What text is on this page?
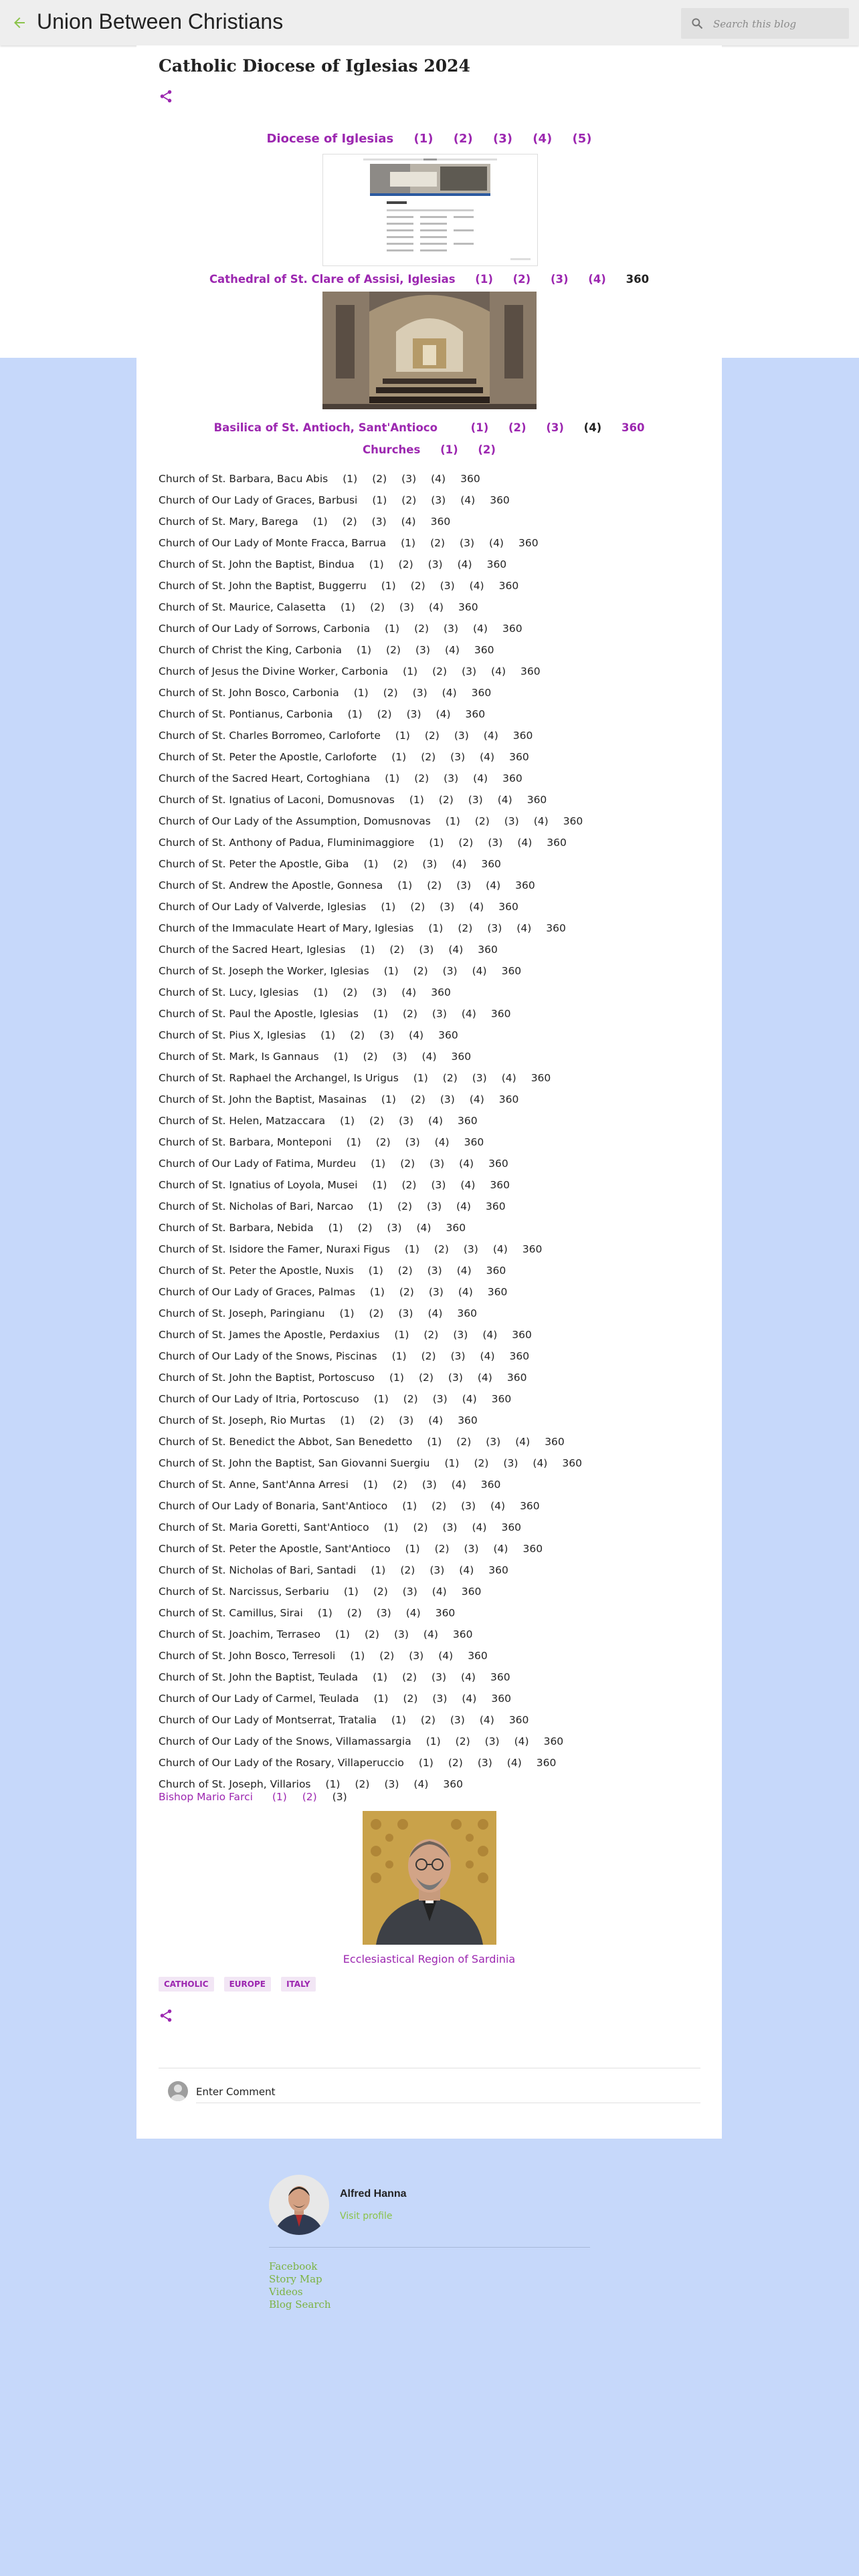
Union Between Christians
Search this blog
Catholic Diocese of Iglesias 2024
Diocese of Iglesias (1) (2) (3) (4) (5)
Cathedral of St. Clare of Assisi, Iglesias (1) (2) (3) (4) 360
Basilica of St. Antioch, Sant'Antioco	(1) (2) (3) (4) 360
Churches (1) (2)
Church of St. Barbara, Bacu Abis (1) (2) (3) (4) 360
Church of Our Lady of Graces, Barbusi (1) (2) (3) (4) 360
Church of St. Mary, Barega (1) (2) (3) (4) 360
Church of Our Lady of Monte Fracca, Barrua (1) (2) (3) (4) 360
Church of St. John the Baptist, Bindua (1) (2) (3) (4) 360
Church of St. John the Baptist, Buggerru (1) (2) (3) (4) 360
Church of St. Maurice, Calasetta (1) (2) (3) (4) 360
Church of Our Lady of Sorrows, Carbonia (1) (2) (3) (4) 360
Church of Christ the King, Carbonia (1) (2) (3) (4) 360
Church of Jesus the Divine Worker, Carbonia (1) (2) (3) (4) 360
Church of St. John Bosco, Carbonia (1) (2) (3) (4) 360
Church of St. Pontianus, Carbonia (1) (2) (3) (4) 360
Church of St. Charles Borromeo, Carloforte (1) (2) (3) (4) 360
Church of St. Peter the Apostle, Carloforte (1) (2) (3) (4) 360
Church of the Sacred Heart, Cortoghiana (1) (2) (3) (4) 360
Church of St. Ignatius of Laconi, Domusnovas (1) (2) (3) (4) 360
Church of Our Lady of the Assumption, Domusnovas (1) (2) (3) (4) 360
Church of St. Anthony of Padua, Fluminimaggiore (1) (2) (3) (4) 360
Church of St. Peter the Apostle, Giba (1) (2) (3) (4) 360
Church of St. Andrew the Apostle, Gonnesa (1) (2) (3) (4) 360
Church of Our Lady of Valverde, Iglesias (1) (2) (3) (4) 360
Church of the Immaculate Heart of Mary, Iglesias (1) (2) (3) (4) 360
Church of the Sacred Heart, Iglesias (1) (2) (3) (4) 360
Church of St. Joseph the Worker, Iglesias (1) (2) (3) (4) 360
Church of St. Lucy, Iglesias (1) (2) (3) (4) 360
Church of St. Paul the Apostle, Iglesias (1) (2) (3) (4) 360
Church of St. Pius X, Iglesias (1) (2) (3) (4) 360
Church of St. Mark, Is Gannaus (1) (2) (3) (4) 360
Church of St. Raphael the Archangel, Is Urigus (1) (2) (3) (4) 360
Church of St. John the Baptist, Masainas (1) (2) (3) (4) 360
Church of St. Helen, Matzaccara (1) (2) (3) (4) 360
Church of St. Barbara, Monteponi (1) (2) (3) (4) 360
Church of Our Lady of Fatima, Murdeu (1) (2) (3) (4) 360
Church of St. Ignatius of Loyola, Musei (1) (2) (3) (4) 360
Church of St. Nicholas of Bari, Narcao (1) (2) (3) (4) 360
Church of St. Barbara, Nebida (1) (2) (3) (4) 360
Church of St. Isidore the Famer, Nuraxi Figus (1) (2) (3) (4) 360
Church of St. Peter the Apostle, Nuxis (1) (2) (3) (4) 360
Church of Our Lady of Graces, Palmas (1) (2) (3) (4) 360
Church of St. Joseph, Paringianu (1) (2) (3) (4) 360
Church of St. James the Apostle, Perdaxius (1) (2) (3) (4) 360
Church of Our Lady of the Snows, Piscinas (1) (2) (3) (4) 360
Church of St. John the Baptist, Portoscuso (1) (2) (3) (4) 360
Church of Our Lady of Itria, Portoscuso (1) (2) (3) (4) 360
Church of St. Joseph, Rio Murtas (1) (2) (3) (4) 360
Church of St. Benedict the Abbot, San Benedetto (1) (2) (3) (4) 360
Church of St. John the Baptist, San Giovanni Suergiu (1) (2) (3) (4) 360
Church of St. Anne, Sant'Anna Arresi (1) (2) (3) (4) 360
Church of Our Lady of Bonaria, Sant'Antioco (1) (2) (3) (4) 360
Church of St. Maria Goretti, Sant'Antioco (1) (2) (3) (4) 360
Church of St. Peter the Apostle, Sant'Antioco (1) (2) (3) (4) 360
Church of St. Nicholas of Bari, Santadi (1) (2) (3) (4) 360
Church of St. Narcissus, Serbariu (1) (2) (3) (4) 360
Church of St. Camillus, Sirai (1) (2) (3) (4) 360
Church of St. Joachim, Terraseo (1) (2) (3) (4) 360
Church of St. John Bosco, Terresoli (1) (2) (3) (4) 360
Church of St. John the Baptist, Teulada (1) (2) (3) (4) 360
Church of Our Lady of Carmel, Teulada (1) (2) (3) (4) 360
Church of Our Lady of Montserrat, Tratalia (1) (2) (3) (4) 360
Church of Our Lady of the Snows, Villamassargia (1) (2) (3) (4) 360
Church of Our Lady of the Rosary, Villaperuccio (1) (2) (3) (4) 360
Church of St. Joseph, Villarios (1) (2) (3) (4) 360
Bishop Mario Farci (1) (2) (3)
Ecclesiastical Region of Sardinia
CATHOLIC	EUROPE	ITALY
Enter Comment
Alfred Hanna
Visit profile
Facebook
Story Map
Videos
Blog Search
